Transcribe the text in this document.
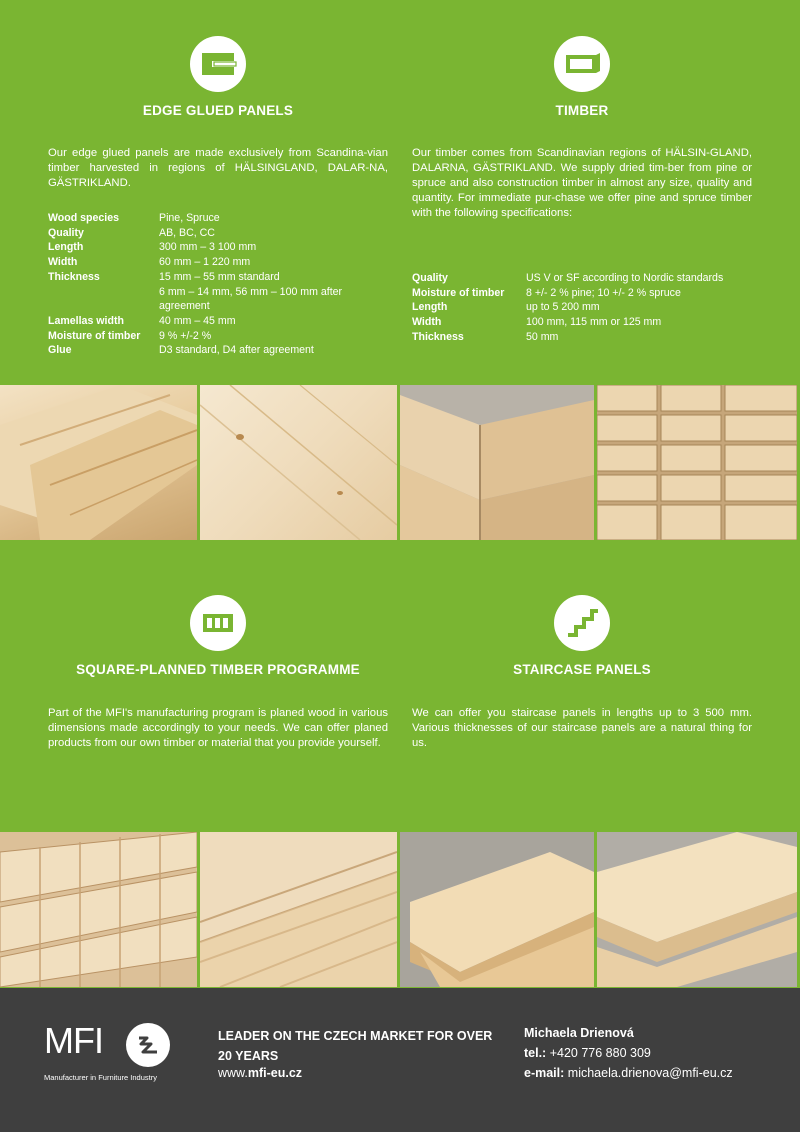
EDGE GLUED PANELS
Our edge glued panels are made exclusively from Scandina-vian timber harvested in regions of HÄLSINGLAND, DALAR-NA, GÄSTRIKLAND.
Wood species	Pine, Spruce
Quality	AB, BC, CC
Length	300 mm – 3 100 mm
Width	60 mm – 1 220 mm
Thickness	15 mm – 55 mm standard
6 mm – 14 mm, 56 mm – 100 mm after agreement
Lamellas width	40 mm – 45 mm
Moisture of timber	9 % +/-2 %
Glue	D3 standard, D4 after agreement
TIMBER
Our timber comes from Scandinavian regions of HÄLSIN-GLAND, DALARNA, GÄSTRIKLAND. We supply dried tim-ber from pine or spruce and also construction timber in almost any size, quality and quantity. For immediate pur-chase we offer pine and spruce timber with the following specifications:
Quality	US V or SF according to Nordic standards
Moisture of timber	8 +/- 2 % pine; 10 +/- 2 % spruce
Length	up to 5 200 mm
Width	100 mm, 115 mm or 125 mm
Thickness	50 mm
SQUARE-PLANNED TIMBER PROGRAMME
Part of the MFI's manufacturing program is planed wood in various dimensions made accordingly to your needs. We can offer planed products from our own timber or material that you provide yourself.
STAIRCASE PANELS
We can offer you staircase panels in lengths up to 3 500 mm. Various thicknesses of our staircase panels are a natural thing for us.
MFI
Manufacturer in Furniture Industry
LEADER ON THE CZECH MARKET FOR OVER
20 YEARS
www.mfi-eu.cz
Michaela Drienová
tel.: +420 776 880 309
e-mail: michaela.drienova@mfi-eu.cz
